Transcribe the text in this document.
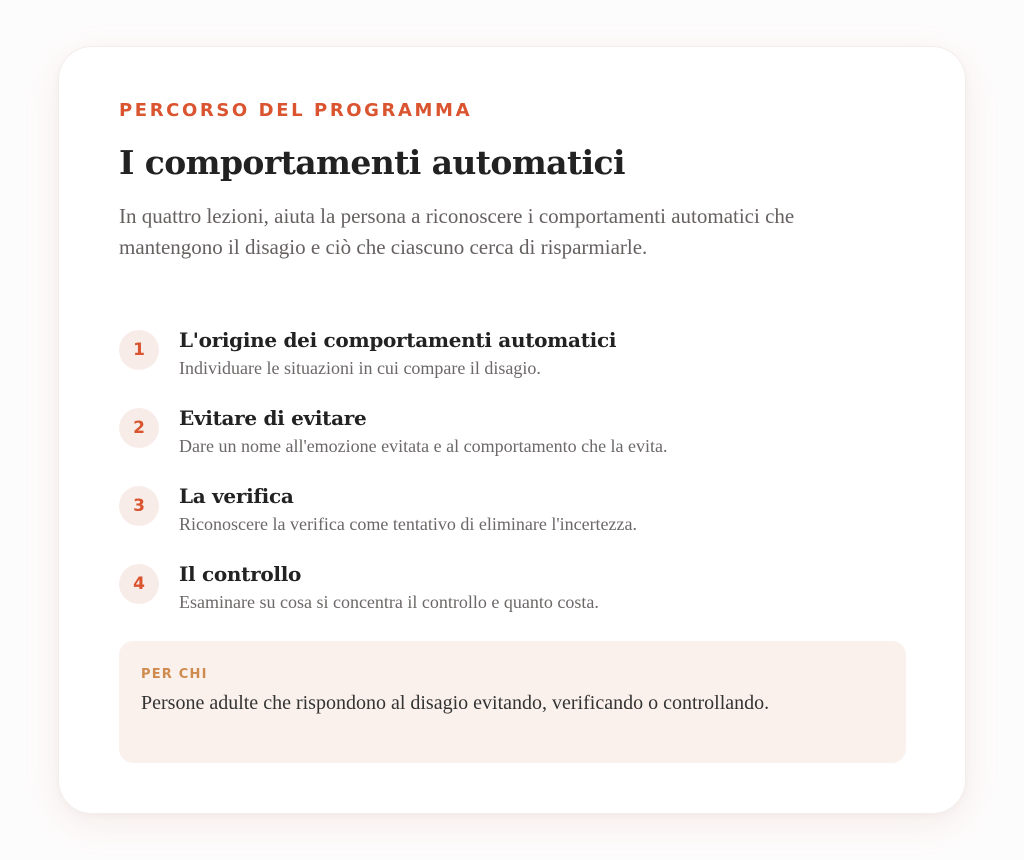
PERCORSO DEL PROGRAMMA
I comportamenti automatici
In quattro lezioni, aiuta la persona a riconoscere i comportamenti automatici che mantengono il disagio e ciò che ciascuno cerca di risparmiarle.
1	L'origine dei comportamenti automatici
Individuare le situazioni in cui compare il disagio.
2	Evitare di evitare
Dare un nome all'emozione evitata e al comportamento che la evita.
3	La verifica
Riconoscere la verifica come tentativo di eliminare l'incertezza.
4	Il controllo
Esaminare su cosa si concentra il controllo e quanto costa.
PER CHI
Persone adulte che rispondono al disagio evitando, verificando o controllando.
